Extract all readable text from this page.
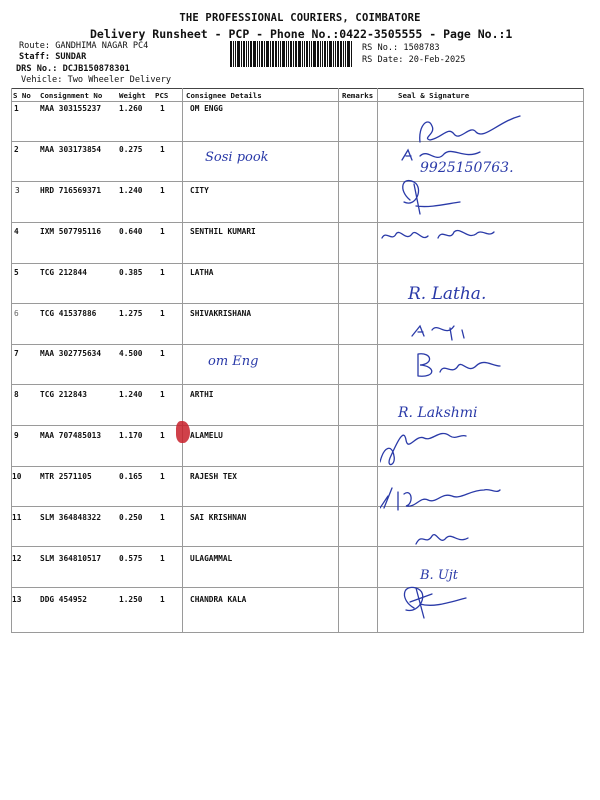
THE PROFESSIONAL COURIERS, COIMBATORE
Delivery Runsheet - PCP - Phone No.:0422-3505555 - Page No.:1
Route: GANDHIMA NAGAR PC4
Staff: SUNDAR
DRS No.: DCJB150878301
Vehicle: Two Wheeler Delivery
RS No.: 1508783
RS Date: 20-Feb-2025
S No Consignment No Weight PCS Consignee Details	Remarks	Seal & Signature
1	MAA 303155237 1.260 1	OM ENGG
2	MAA 303173854 0.275 1
3	HRD 716569371 1.240 1	CITY
4	IXM 507795116 0.640 1	SENTHIL KUMARI
5	TCG 212844	0.385 1	LATHA
6	TCG 41537886	1.275 1	SHIVAKRISHANA
7	MAA 302775634 4.500 1
8	TCG 212843	1.240 1	ARTHI
9	MAA 707485013 1.170 1	ALAMELU
10 MTR 2571105	0.165 1	RAJESH TEX
11 SLM 364848322 0.250 1	SAI KRISHNAN
12 SLM 364810517 0.575 1	ULAGAMMAL
13 DDG 454952	1.250 1	CHANDRA KALA
Sosi pook
9925150763.
R. Latha.
om Eng
R. Lakshmi
B. Ujt
